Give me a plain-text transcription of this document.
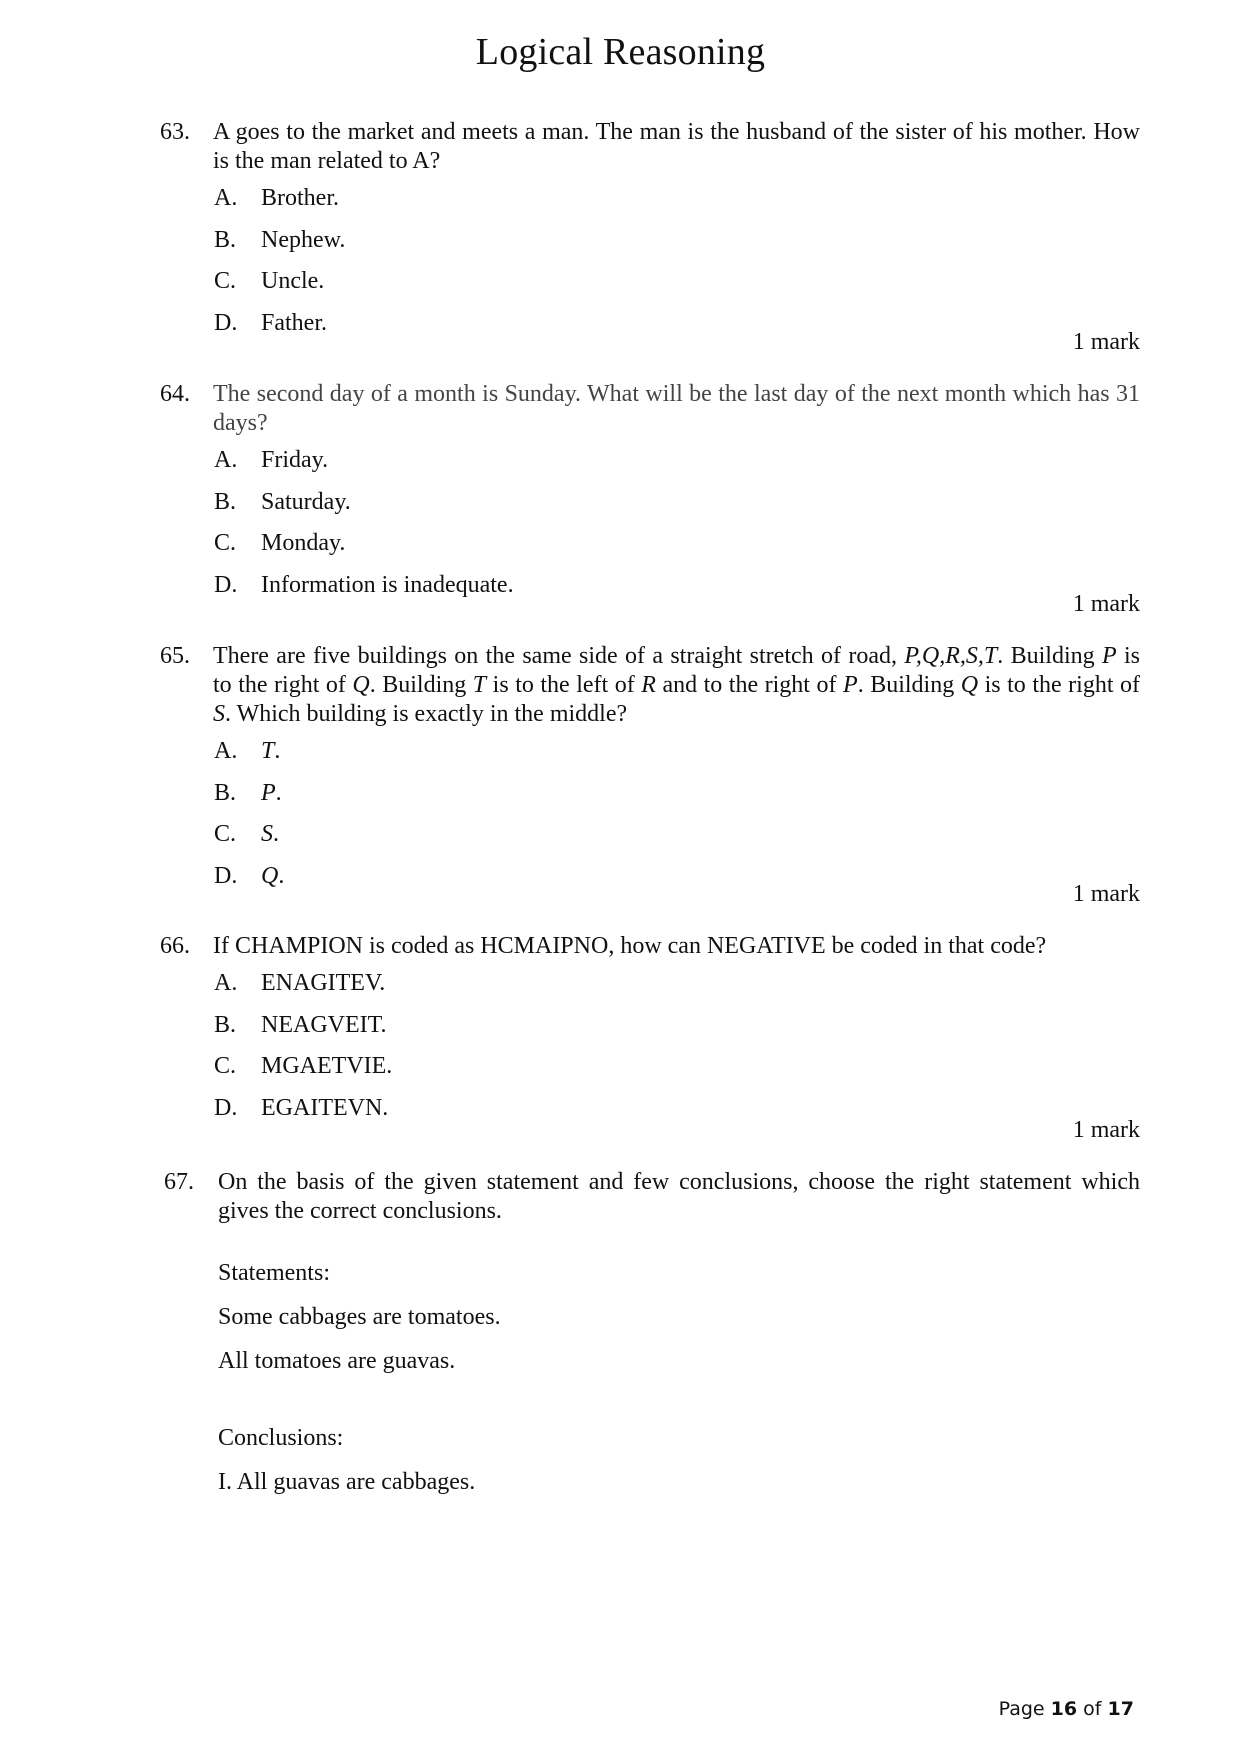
Logical Reasoning
63. A goes to the market and meets a man. The man is the husband of the sister of his mother. How is the man related to A?
A. Brother.
B.	Nephew.
C.	Uncle.
D. Father.
1 mark
64. The second day of a month is Sunday. What will be the last day of the next month which has 31 days?
A. Friday.
B.	Saturday.
C.	Monday.
D. Information is inadequate.
1 mark
65. There are five buildings on the same side of a straight stretch of road, P,Q,R,S,T. Building P is to the right of Q. Building T is to the left of R and to the right of P. Building Q is to the right of S. Which building is exactly in the middle?
A. T .
B.	P .
C.	S .
D. Q .
1 mark
66. If CHAMPION is coded as HCMAIPNO, how can NEGATIVE be coded in that code?
A. ENAGITEV.
B.	NEAGVEIT.
C.	MGAETVIE.
D. EGAITEVN.
1 mark
67. On the basis of the given statement and few conclusions, choose the right statement which gives the correct conclusions.
Statements:
Some cabbages are tomatoes.
All tomatoes are guavas.
Conclusions:
I. All guavas are cabbages.
Page 16 of 17
